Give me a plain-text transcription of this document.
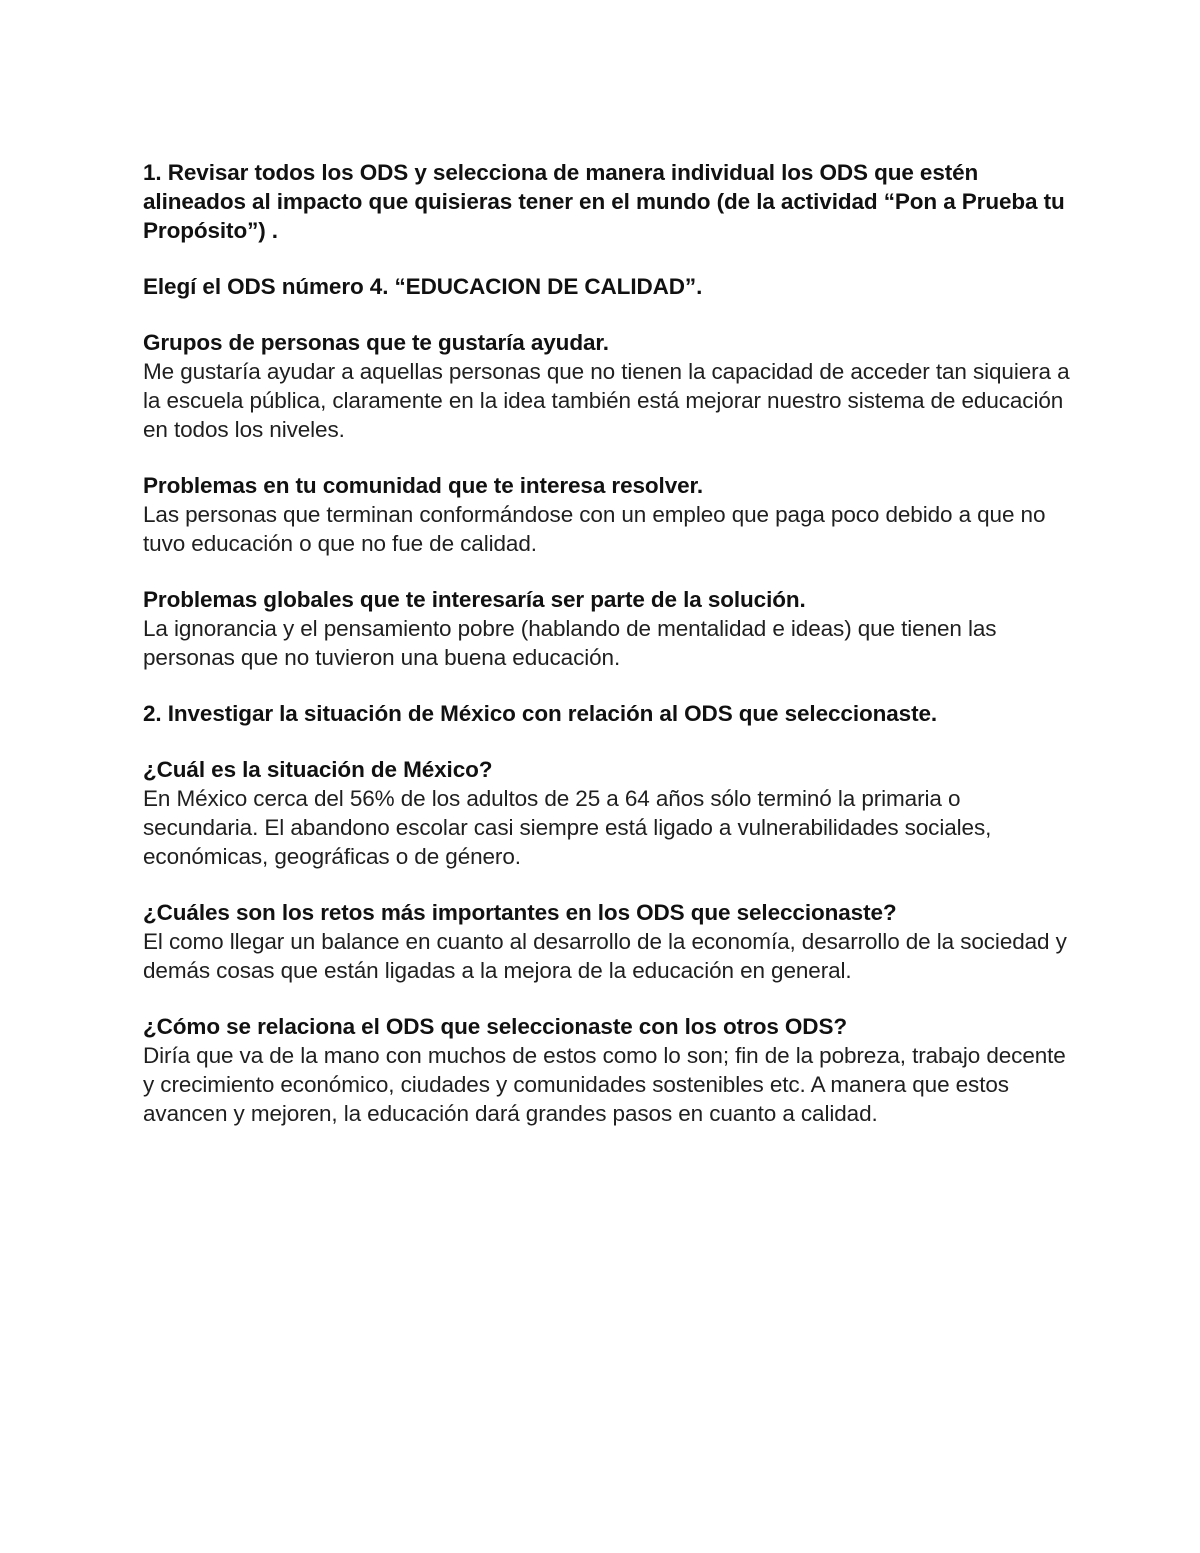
1. Revisar todos los ODS y selecciona de manera individual los ODS que estén alineados al impacto que quisieras tener en el mundo (de la actividad “Pon a Prueba tu Propósito”) .
Elegí el ODS número 4. “EDUCACION DE CALIDAD”.
Grupos de personas que te gustaría ayudar.
Me gustaría ayudar a aquellas personas que no tienen la capacidad de acceder tan siquiera a la escuela pública, claramente en la idea también está mejorar nuestro sistema de educación en todos los niveles.
Problemas en tu comunidad que te interesa resolver.
Las personas que terminan conformándose con un empleo que paga poco debido a que no tuvo educación o que no fue de calidad.
Problemas globales que te interesaría ser parte de la solución.
La ignorancia y el pensamiento pobre (hablando de mentalidad e ideas) que tienen las personas que no tuvieron una buena educación.
2. Investigar la situación de México con relación al ODS que seleccionaste.
¿Cuál es la situación de México?
En México cerca del 56% de los adultos de 25 a 64 años sólo terminó la primaria o secundaria. El abandono escolar casi siempre está ligado a vulnerabilidades sociales, económicas, geográficas o de género.
¿Cuáles son los retos más importantes en los ODS que seleccionaste?
El como llegar un balance en cuanto al desarrollo de la economía, desarrollo de la sociedad y demás cosas que están ligadas a la mejora de la educación en general.
¿Cómo se relaciona el ODS que seleccionaste con los otros ODS?
Diría que va de la mano con muchos de estos como lo son; fin de la pobreza, trabajo decente y crecimiento económico, ciudades y comunidades sostenibles etc. A manera que estos avancen y mejoren, la educación dará grandes pasos en cuanto a calidad.
